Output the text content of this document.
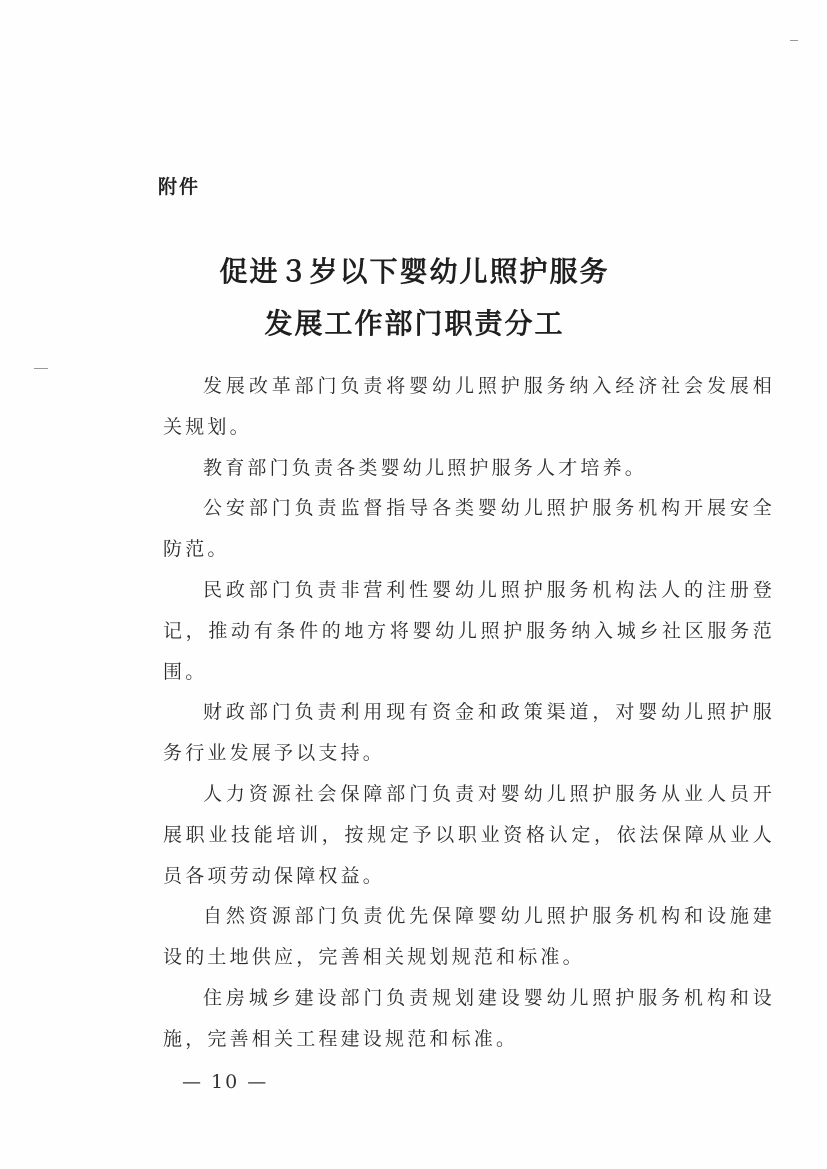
附件
促进３岁以下婴幼儿照护服务
发展工作部门职责分工

发展改革部门负责将婴幼儿照护服务纳入经济社会发展相关规划。

教育部门负责各类婴幼儿照护服务人才培养。

公安部门负责监督指导各类婴幼儿照护服务机构开展安全防范。

民政部门负责非营利性婴幼儿照护服务机构法人的注册登记，推动有条件的地方将婴幼儿照护服务纳入城乡社区服务范围。

财政部门负责利用现有资金和政策渠道，对婴幼儿照护服务行业发展予以支持。

人力资源社会保障部门负责对婴幼儿照护服务从业人员开展职业技能培训，按规定予以职业资格认定，依法保障从业人员各项劳动保障权益。

自然资源部门负责优先保障婴幼儿照护服务机构和设施建设的土地供应，完善相关规划规范和标准。

住房城乡建设部门负责规划建设婴幼儿照护服务机构和设施，完善相关工程建设规范和标准。

— 10 —
